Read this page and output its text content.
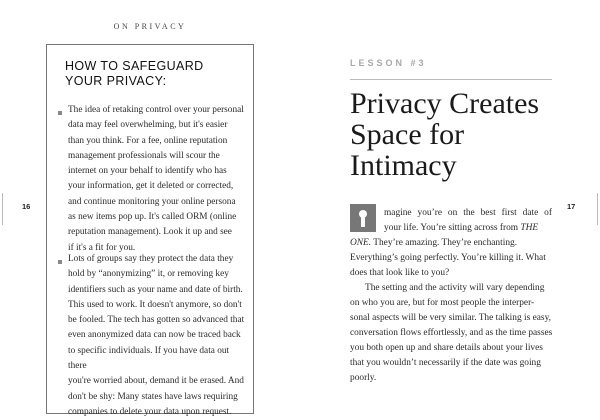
ON PRIVACY
16
HOW TO SAFEGUARD
YOUR PRIVACY:
The idea of retaking control over your personal
data may feel overwhelming, but it's easier
than you think. For a fee, online reputation
management professionals will scour the
internet on your behalf to identify who has
your information, get it deleted or corrected,
and continue monitoring your online persona
as new items pop up. It's called ORM (online
reputation management). Look it up and see
if it's a fit for you.
Lots of groups say they protect the data they
hold by “anonymizing” it, or removing key
identifiers such as your name and date of birth.
This used to work. It doesn't anymore, so don't
be fooled. The tech has gotten so advanced that
even anonymized data can now be traced back
to specific individuals. If you have data out there
you're worried about, demand it be erased. And
don't be shy: Many states have laws requiring
companies to delete your data upon request.
LESSON #3
Privacy Creates
Space for
Intimacy
magine you’re on the best first date of
your life. You’re sitting across from THE
ONE. They’re amazing. They’re enchanting.
Everything’s going perfectly. You’re killing it. What
does that look like to you?
The setting and the activity will vary depending
on who you are, but for most people the interper-
sonal aspects will be very similar. The talking is easy,
conversation flows effortlessly, and as the time passes
you both open up and share details about your lives
that you wouldn’t necessarily if the date was going
poorly.
17
